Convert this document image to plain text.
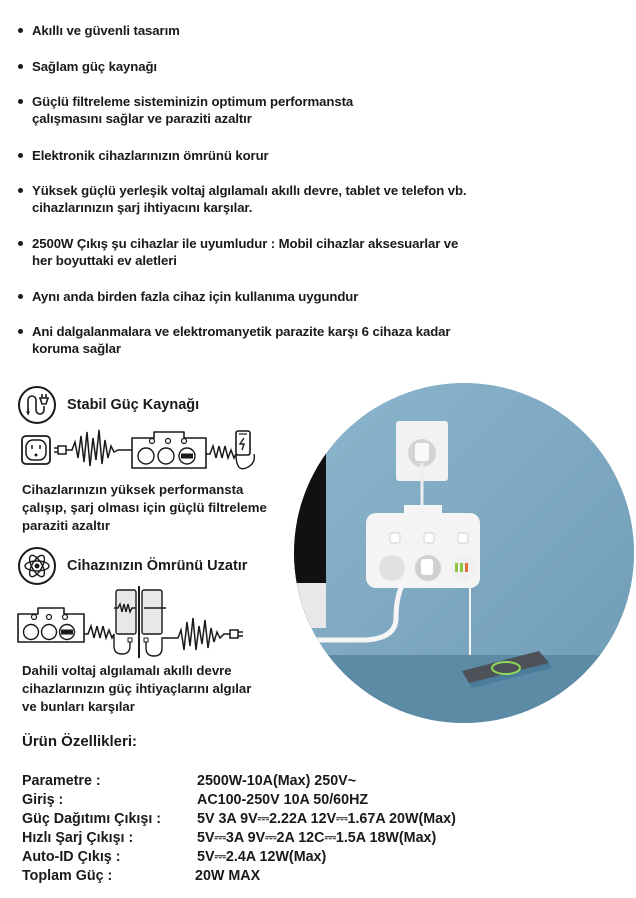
Akıllı ve güvenli tasarım
Sağlam güç kaynağı
Güçlü filtreleme sisteminizin optimum performansta
çalışmasını sağlar ve paraziti azaltır
Elektronik cihazlarınızın ömrünü korur
Yüksek güçlü yerleşik voltaj algılamalı akıllı devre, tablet ve telefon vb.
cihazlarınızın şarj ihtiyacını karşılar.
2500W Çıkış şu cihazlar ile uyumludur : Mobil cihazlar aksesuarlar ve
her boyuttaki ev aletleri
Aynı anda birden fazla cihaz için kullanıma uygundur
Ani dalgalanmalara ve elektromanyetik parazite karşı 6 cihaza kadar
koruma sağlar
Stabil Güç Kaynağı
Cihazlarınızın yüksek performansta
çalışıp, şarj olması için güçlü filtreleme
paraziti azaltır
Cihazınızın Ömrünü Uzatır
Dahili voltaj algılamalı akıllı devre
cihazlarınızın güç ihtiyaçlarını algılar
ve bunları karşılar
Ürün Özellikleri:
Parametre :	2500W-10A(Max) 250V~
Giriş :	AC100-250V 10A 50/60HZ
Güç Dağıtımı Çıkışı :	5V 3A 9V⎓2.22A 12V⎓1.67A 20W(Max)
Hızlı Şarj Çıkışı :	5V⎓3A 9V⎓2A 12C⎓1.5A 18W(Max)
Auto-ID Çıkış :	5V⎓2.4A 12W(Max)
Toplam Güç :	20W MAX
